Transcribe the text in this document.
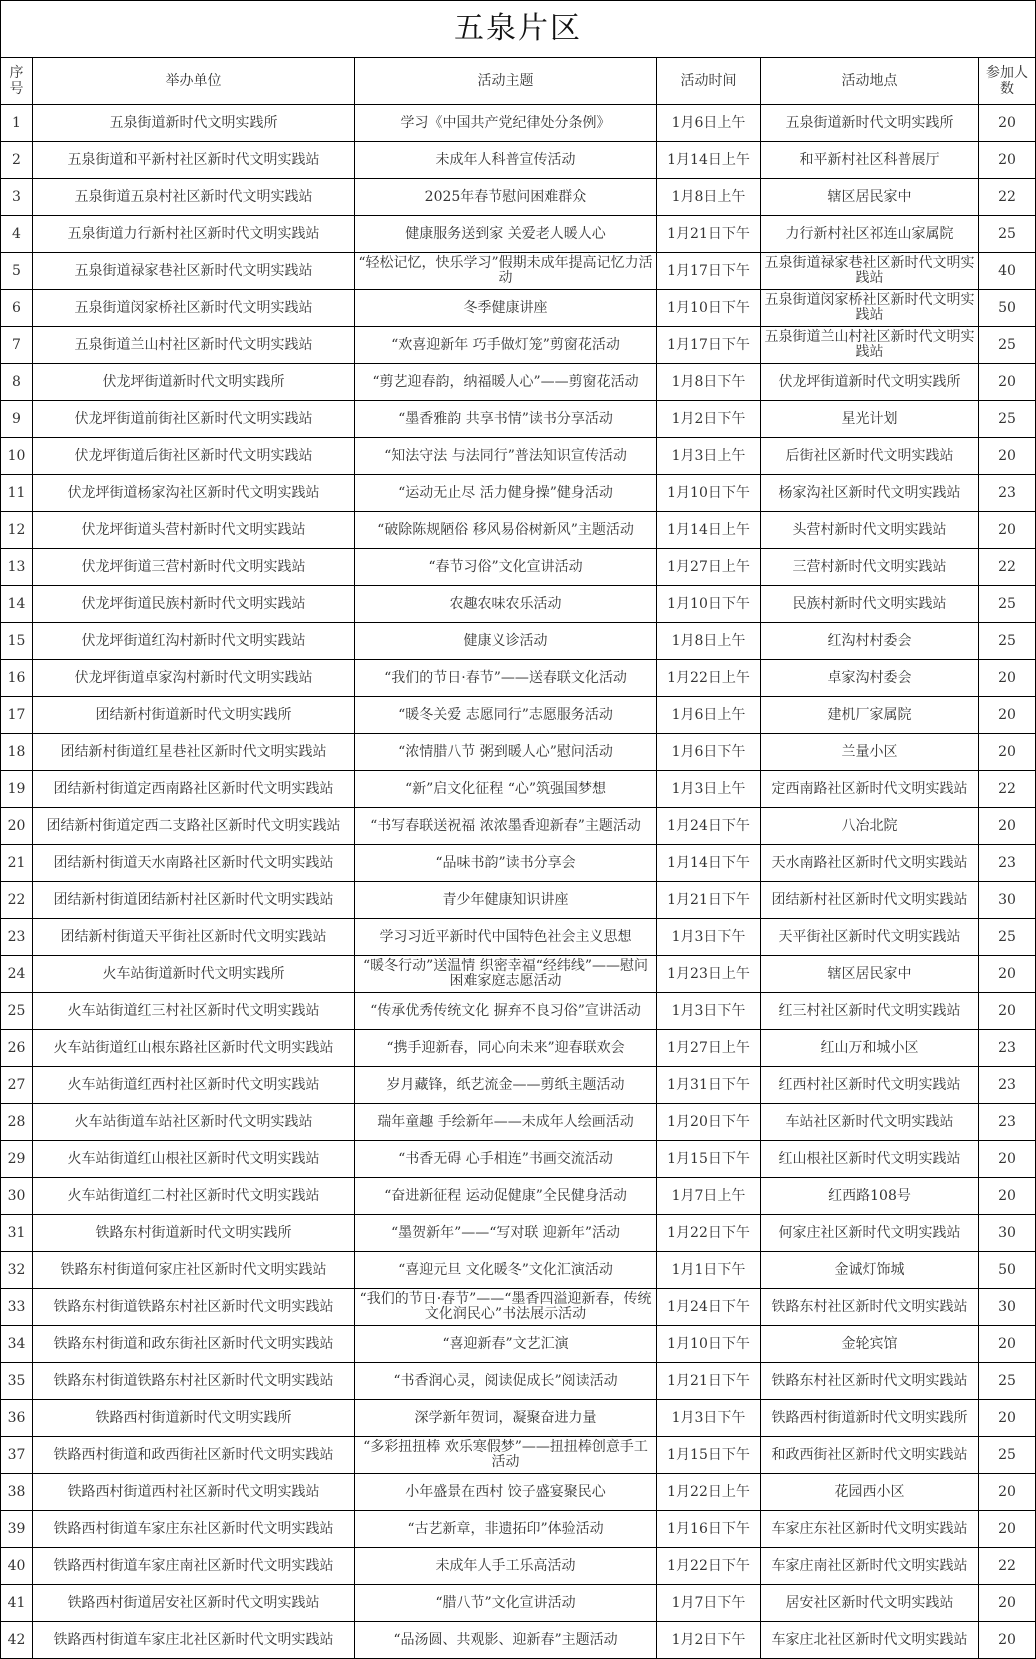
五泉片区					
序号	举办单位	活动主题	活动时间	活动地点	参加人数
1	五泉街道新时代文明实践所	学习《中国共产党纪律处分条例》	1月6日上午	五泉街道新时代文明实践所	20
2	五泉街道和平新村社区新时代文明实践站	未成年人科普宣传活动	1月14日上午	和平新村社区科普展厅	20
3	五泉街道五泉村社区新时代文明实践站	2025年春节慰问困难群众	1月8日上午	辖区居民家中	22
4	五泉街道力行新村社区新时代文明实践站	健康服务送到家 关爱老人暖人心	1月21日下午	力行新村社区祁连山家属院	25
5	五泉街道禄家巷社区新时代文明实践站	“轻松记忆，快乐学习”假期未成年提高记忆力活动	1月17日下午	五泉街道禄家巷社区新时代文明实践站	40
6	五泉街道闵家桥社区新时代文明实践站	冬季健康讲座	1月10日下午	五泉街道闵家桥社区新时代文明实践站	50
7	五泉街道兰山村社区新时代文明实践站	“欢喜迎新年 巧手做灯笼”剪窗花活动	1月17日下午	五泉街道兰山村社区新时代文明实践站	25
8	伏龙坪街道新时代文明实践所	“剪艺迎春韵，纳福暖人心”——剪窗花活动	1月8日下午	伏龙坪街道新时代文明实践所	20
9	伏龙坪街道前街社区新时代文明实践站	“墨香雅韵 共享书情”读书分享活动	1月2日下午	星光计划	25
10	伏龙坪街道后街社区新时代文明实践站	“知法守法 与法同行”普法知识宣传活动	1月3日上午	后街社区新时代文明实践站	20
11	伏龙坪街道杨家沟社区新时代文明实践站	“运动无止尽 活力健身操”健身活动	1月10日下午	杨家沟社区新时代文明实践站	23
12	伏龙坪街道头营村新时代文明实践站	“破除陈规陋俗 移风易俗树新风”主题活动	1月14日上午	头营村新时代文明实践站	20
13	伏龙坪街道三营村新时代文明实践站	“春节习俗”文化宣讲活动	1月27日上午	三营村新时代文明实践站	22
14	伏龙坪街道民族村新时代文明实践站	农趣农味农乐活动	1月10日下午	民族村新时代文明实践站	25
15	伏龙坪街道红沟村新时代文明实践站	健康义诊活动	1月8日上午	红沟村村委会	25
16	伏龙坪街道卓家沟村新时代文明实践站	“我们的节日·春节”——送春联文化活动	1月22日上午	卓家沟村委会	20
17	团结新村街道新时代文明实践所	“暖冬关爱 志愿同行”志愿服务活动	1月6日上午	建机厂家属院	20
18	团结新村街道红星巷社区新时代文明实践站	“浓情腊八节 粥到暖人心”慰问活动	1月6日下午	兰量小区	20
19	团结新村街道定西南路社区新时代文明实践站	“新”启文化征程 “心”筑强国梦想	1月3日上午	定西南路社区新时代文明实践站	22
20	团结新村街道定西二支路社区新时代文明实践站	“书写春联送祝福 浓浓墨香迎新春”主题活动	1月24日下午	八冶北院	20
21	团结新村街道天水南路社区新时代文明实践站	“品味书韵”读书分享会	1月14日下午	天水南路社区新时代文明实践站	23
22	团结新村街道团结新村社区新时代文明实践站	青少年健康知识讲座	1月21日下午	团结新村社区新时代文明实践站	30
23	团结新村街道天平街社区新时代文明实践站	学习习近平新时代中国特色社会主义思想	1月3日下午	天平街社区新时代文明实践站	25
24	火车站街道新时代文明实践所	“暖冬行动”送温情 织密幸福“经纬线”——慰问困难家庭志愿活动	1月23日上午	辖区居民家中	20
25	火车站街道红三村社区新时代文明实践站	“传承优秀传统文化 摒弃不良习俗”宣讲活动	1月3日下午	红三村社区新时代文明实践站	20
26	火车站街道红山根东路社区新时代文明实践站	“携手迎新春，同心向未来”迎春联欢会	1月27日上午	红山万和城小区	23
27	火车站街道红西村社区新时代文明实践站	岁月藏锋，纸艺流金——剪纸主题活动	1月31日下午	红西村社区新时代文明实践站	23
28	火车站街道车站社区新时代文明实践站	瑞年童趣 手绘新年——未成年人绘画活动	1月20日下午	车站社区新时代文明实践站	23
29	火车站街道红山根社区新时代文明实践站	“书香无碍 心手相连”书画交流活动	1月15日下午	红山根社区新时代文明实践站	20
30	火车站街道红二村社区新时代文明实践站	“奋进新征程 运动促健康”全民健身活动	1月7日上午	红西路108号	20
31	铁路东村街道新时代文明实践所	“墨贺新年”——“写对联 迎新年”活动	1月22日下午	何家庄社区新时代文明实践站	30
32	铁路东村街道何家庄社区新时代文明实践站	“喜迎元旦 文化暖冬”文化汇演活动	1月1日下午	金诚灯饰城	50
33	铁路东村街道铁路东村社区新时代文明实践站	“我们的节日·春节”——“墨香四溢迎新春，传统文化润民心”书法展示活动	1月24日下午	铁路东村社区新时代文明实践站	30
34	铁路东村街道和政东街社区新时代文明实践站	“喜迎新春”文艺汇演	1月10日下午	金轮宾馆	20
35	铁路东村街道铁路东村社区新时代文明实践站	“书香润心灵，阅读促成长”阅读活动	1月21日下午	铁路东村社区新时代文明实践站	25
36	铁路西村街道新时代文明实践所	深学新年贺词，凝聚奋进力量	1月3日下午	铁路西村街道新时代文明实践所	20
37	铁路西村街道和政西街社区新时代文明实践站	“多彩扭扭棒 欢乐寒假梦”——扭扭棒创意手工活动	1月15日下午	和政西街社区新时代文明实践站	25
38	铁路西村街道西村社区新时代文明实践站	小年盛景在西村 饺子盛宴聚民心	1月22日上午	花园西小区	20
39	铁路西村街道车家庄东社区新时代文明实践站	“古艺新章，非遗拓印”体验活动	1月16日下午	车家庄东社区新时代文明实践站	20
40	铁路西村街道车家庄南社区新时代文明实践站	未成年人手工乐高活动	1月22日下午	车家庄南社区新时代文明实践站	22
41	铁路西村街道居安社区新时代文明实践站	“腊八节”文化宣讲活动	1月7日下午	居安社区新时代文明实践站	20
42	铁路西村街道车家庄北社区新时代文明实践站	“品汤圆、共观影、迎新春”主题活动	1月2日下午	车家庄北社区新时代文明实践站	20
